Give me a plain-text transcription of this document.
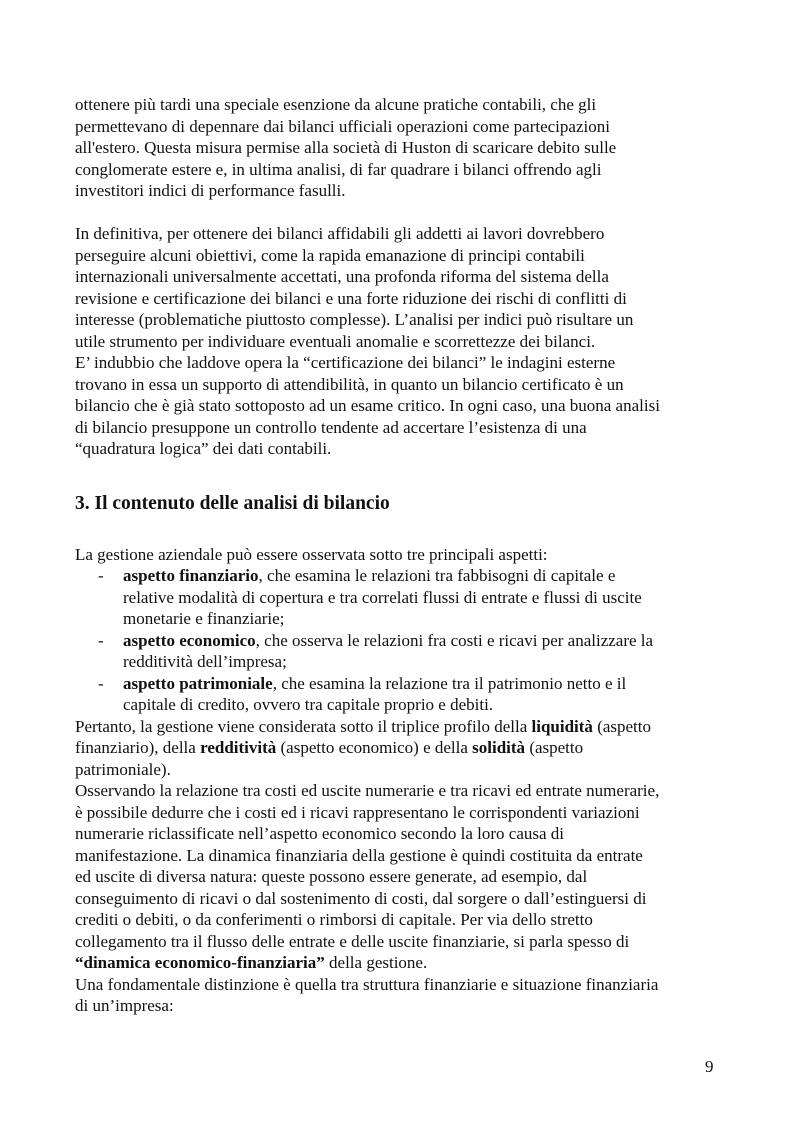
ottenere più tardi una speciale esenzione da alcune pratiche contabili, che gli
permettevano di depennare dai bilanci ufficiali operazioni come partecipazioni
all'estero. Questa misura permise alla società di Huston di scaricare debito sulle
conglomerate estere e, in ultima analisi, di far quadrare i bilanci offrendo agli
investitori indici di performance fasulli.
In definitiva, per ottenere dei bilanci affidabili gli addetti ai lavori dovrebbero
perseguire alcuni obiettivi, come la rapida emanazione di principi contabili
internazionali universalmente accettati, una profonda riforma del sistema della
revisione e certificazione dei bilanci e una forte riduzione dei rischi di conflitti di
interesse (problematiche piuttosto complesse). L’analisi per indici può risultare un
utile strumento per individuare eventuali anomalie e scorrettezze dei bilanci.
E’ indubbio che laddove opera la “certificazione dei bilanci” le indagini esterne
trovano in essa un supporto di attendibilità, in quanto un bilancio certificato è un
bilancio che è già stato sottoposto ad un esame critico. In ogni caso, una buona analisi
di bilancio presuppone un controllo tendente ad accertare l’esistenza di una
“quadratura logica” dei dati contabili.
3. Il contenuto delle analisi di bilancio
La gestione aziendale può essere osservata sotto tre principali aspetti:
- aspetto finanziario, che esamina le relazioni tra fabbisogni di capitale e
relative modalità di copertura e tra correlati flussi di entrate e flussi di uscite
monetarie e finanziarie;
- aspetto economico, che osserva le relazioni fra costi e ricavi per analizzare la
redditività dell’impresa;
- aspetto patrimoniale, che esamina la relazione tra il patrimonio netto e il
capitale di credito, ovvero tra capitale proprio e debiti.
Pertanto, la gestione viene considerata sotto il triplice profilo della liquidità (aspetto
finanziario), della redditività (aspetto economico) e della solidità (aspetto
patrimoniale).
Osservando la relazione tra costi ed uscite numerarie e tra ricavi ed entrate numerarie,
è possibile dedurre che i costi ed i ricavi rappresentano le corrispondenti variazioni
numerarie riclassificate nell’aspetto economico secondo la loro causa di
manifestazione. La dinamica finanziaria della gestione è quindi costituita da entrate
ed uscite di diversa natura: queste possono essere generate, ad esempio, dal
conseguimento di ricavi o dal sostenimento di costi, dal sorgere o dall’estinguersi di
crediti o debiti, o da conferimenti o rimborsi di capitale. Per via dello stretto
collegamento tra il flusso delle entrate e delle uscite finanziarie, si parla spesso di
“dinamica economico-finanziaria” della gestione.
Una fondamentale distinzione è quella tra struttura finanziarie e situazione finanziaria
di un’impresa:
9
